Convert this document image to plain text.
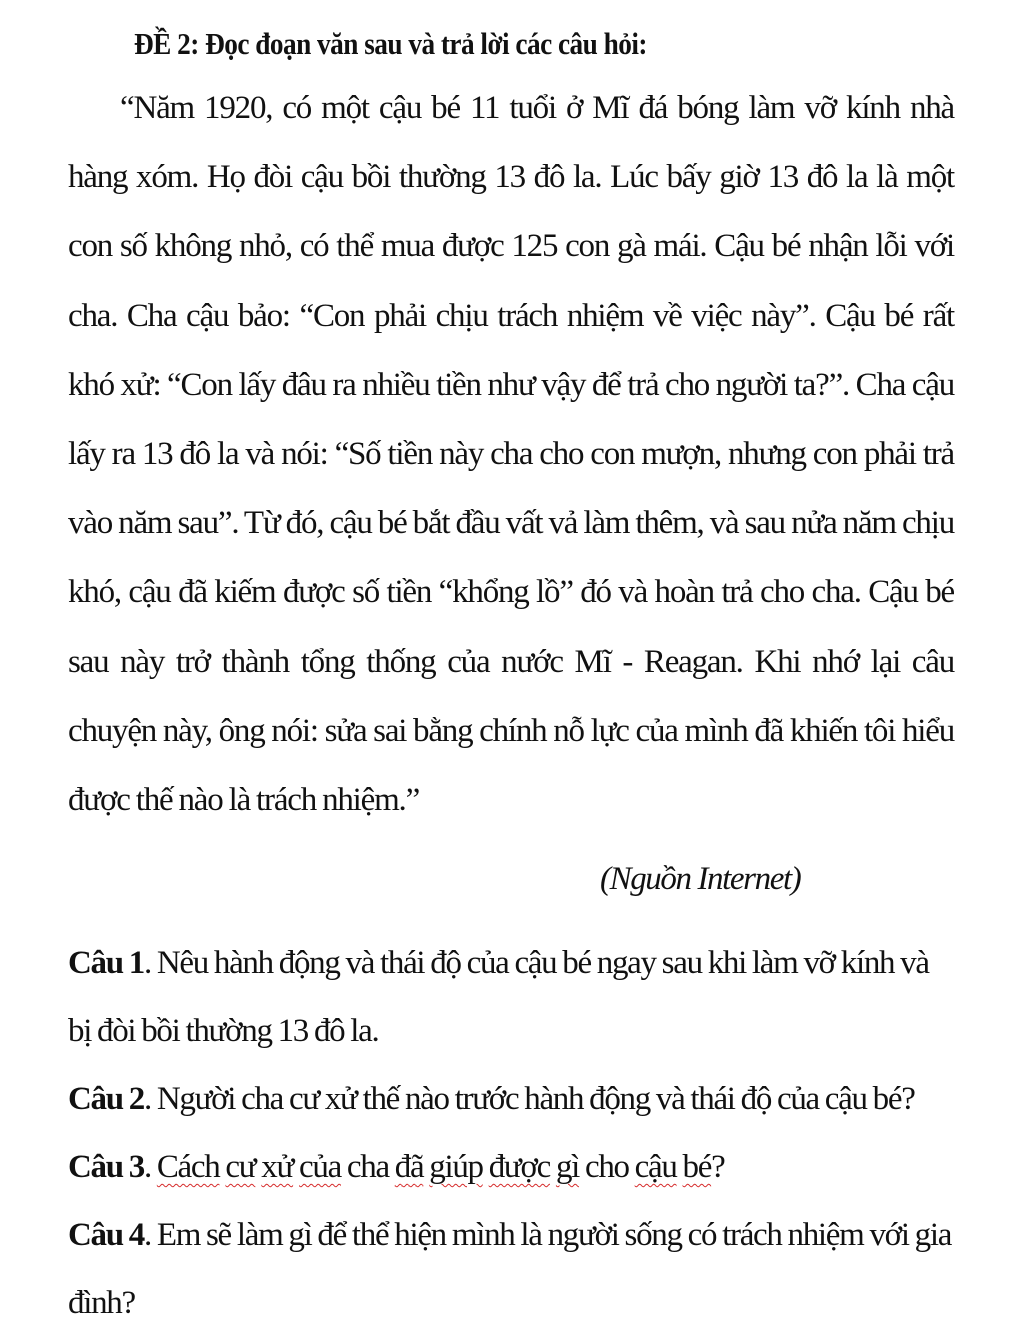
ĐỀ 2: Đọc đoạn văn sau và trả lời các câu hỏi:

“Năm 1920, có một cậu bé 11 tuổi ở Mĩ đá bóng làm vỡ kính nhà hàng xóm. Họ đòi cậu bồi thường 13 đô la. Lúc bấy giờ 13 đô la là một con số không nhỏ, có thể mua được 125 con gà mái. Cậu bé nhận lỗi với cha. Cha cậu bảo: “Con phải chịu trách nhiệm về việc này”. Cậu bé rất khó xử: “Con lấy đâu ra nhiều tiền như vậy để trả cho người ta?”. Cha cậu lấy ra 13 đô la và nói: “Số tiền này cha cho con mượn, nhưng con phải trả vào năm sau”. Từ đó, cậu bé bắt đầu vất vả làm thêm, và sau nửa năm chịu khó, cậu đã kiếm được số tiền “khổng lồ” đó và hoàn trả cho cha. Cậu bé sau này trở thành tổng thống của nước Mĩ - Reagan. Khi nhớ lại câu chuyện này, ông nói: sửa sai bằng chính nỗ lực của mình đã khiến tôi hiểu được thế nào là trách nhiệm.”

(Nguồn Internet)

Câu 1. Nêu hành động và thái độ của cậu bé ngay sau khi làm vỡ kính và bị đòi bồi thường 13 đô la.

Câu 2. Người cha cư xử thế nào trước hành động và thái độ của cậu bé?

Câu 3. Cách cư xử của cha đã giúp được gì cho cậu bé?

Câu 4. Em sẽ làm gì để thể hiện mình là người sống có trách nhiệm với gia đình?
